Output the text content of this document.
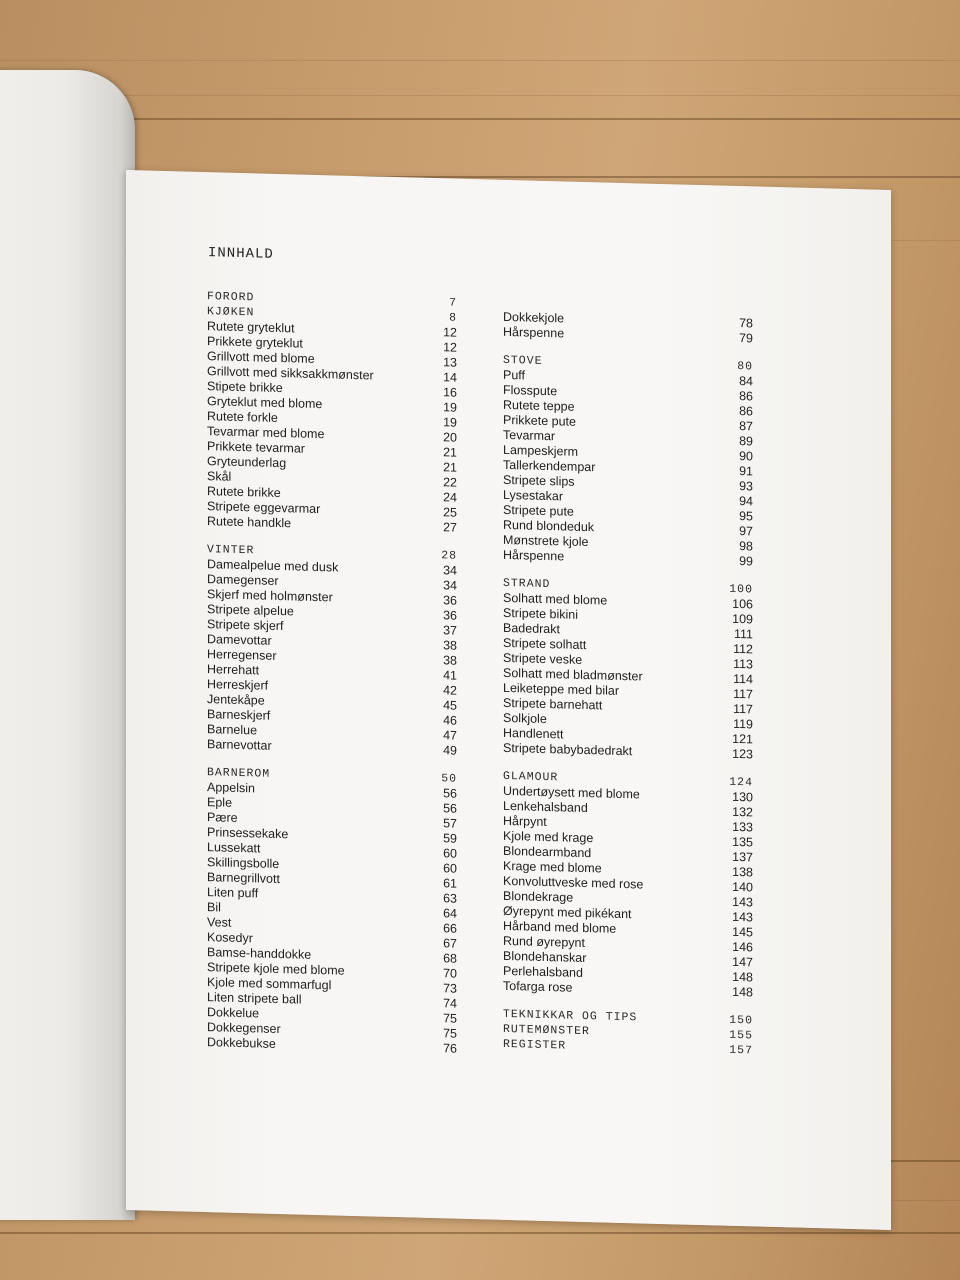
INNHALD
FORORD	7
KJØKEN	8
Rutete gryteklut	12
Prikkete gryteklut	12
Grillvott med blome	13
Grillvott med sikksakkmønster	14
Stipete brikke	16
Gryteklut med blome	19
Rutete forkle	19
Tevarmar med blome	20
Prikkete tevarmar	21
Gryteunderlag	21
Skål	22
Rutete brikke	24
Stripete eggevarmar	25
Rutete handkle	27
VINTER	28
Damealpelue med dusk	34
Damegenser	34
Skjerf med holmønster	36
Stripete alpelue	36
Stripete skjerf	37
Damevottar	38
Herregenser	38
Herrehatt	41
Herreskjerf	42
Jentekåpe	45
Barneskjerf	46
Barnelue	47
Barnevottar	49
BARNEROM	50
Appelsin	56
Eple	56
Pære	57
Prinsessekake	59
Lussekatt	60
Skillingsbolle	60
Barnegrillvott	61
Liten puff	63
Bil	64
Vest	66
Kosedyr	67
Bamse-handdokke	68
Stripete kjole med blome	70
Kjole med sommarfugl	73
Liten stripete ball	74
Dokkelue	75
Dokkegenser	75
Dokkebukse	76
Dokkekjole	78
Hårspenne	79
STOVE	80
Puff	84
Flosspute	86
Rutete teppe	86
Prikkete pute	87
Tevarmar	89
Lampeskjerm	90
Tallerkendempar	91
Stripete slips	93
Lysestakar	94
Stripete pute	95
Rund blondeduk	97
Mønstrete kjole	98
Hårspenne	99
STRAND	100
Solhatt med blome	106
Stripete bikini	109
Badedrakt	111
Stripete solhatt	112
Stripete veske	113
Solhatt med bladmønster	114
Leiketeppe med bilar	117
Stripete barnehatt	117
Solkjole	119
Handlenett	121
Stripete babybadedrakt	123
GLAMOUR	124
Undertøysett med blome	130
Lenkehalsband	132
Hårpynt	133
Kjole med krage	135
Blondearmband	137
Krage med blome	138
Konvoluttveske med rose	140
Blondekrage	143
Øyrepynt med pikékant	143
Hårband med blome	145
Rund øyrepynt	146
Blondehanskar	147
Perlehalsband	148
Tofarga rose	148
TEKNIKKAR OG TIPS	150
RUTEMØNSTER	155
REGISTER	157
